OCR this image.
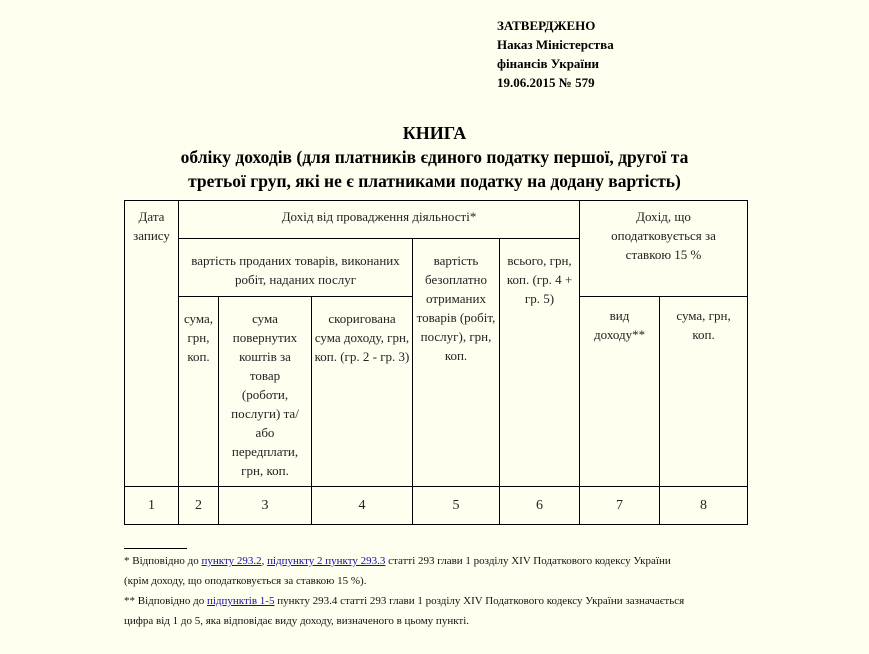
ЗАТВЕРДЖЕНО
Наказ Міністерства
фінансів України
19.06.2015 № 579
КНИГА
обліку доходів (для платників єдиного податку першої, другої та
третьої груп, які не є платниками податку на додану вартість)
Дата запису	Дохід від провадження діяльності*					Дохід, що оподатковується за ставкою 15 %	
	вартість проданих товарів, виконаних робіт, наданих послуг			вартість безоплатно отриманих товарів (робіт, послуг), грн, коп.	всього, грн, коп. (гр. 4 + гр. 5)		
	сума, грн, коп.	сума повернутих коштів за товар (роботи, послуги) та/або передплати, грн, коп.	скоригована сума доходу, грн, коп. (гр. 2 - гр. 3)			вид доходу**	сума, грн, коп.
1	2	3	4	5	6	7	8
* Відповідно до пункту 293.2, підпункту 2 пункту 293.3 статті 293 глави 1 розділу XIV Податкового кодексу України
(крім доходу, що оподатковується за ставкою 15 %).
** Відповідно до підпунктів 1-5 пункту 293.4 статті 293 глави 1 розділу XIV Податкового кодексу України зазначається
цифра від 1 до 5, яка відповідає виду доходу, визначеного в цьому пункті.
